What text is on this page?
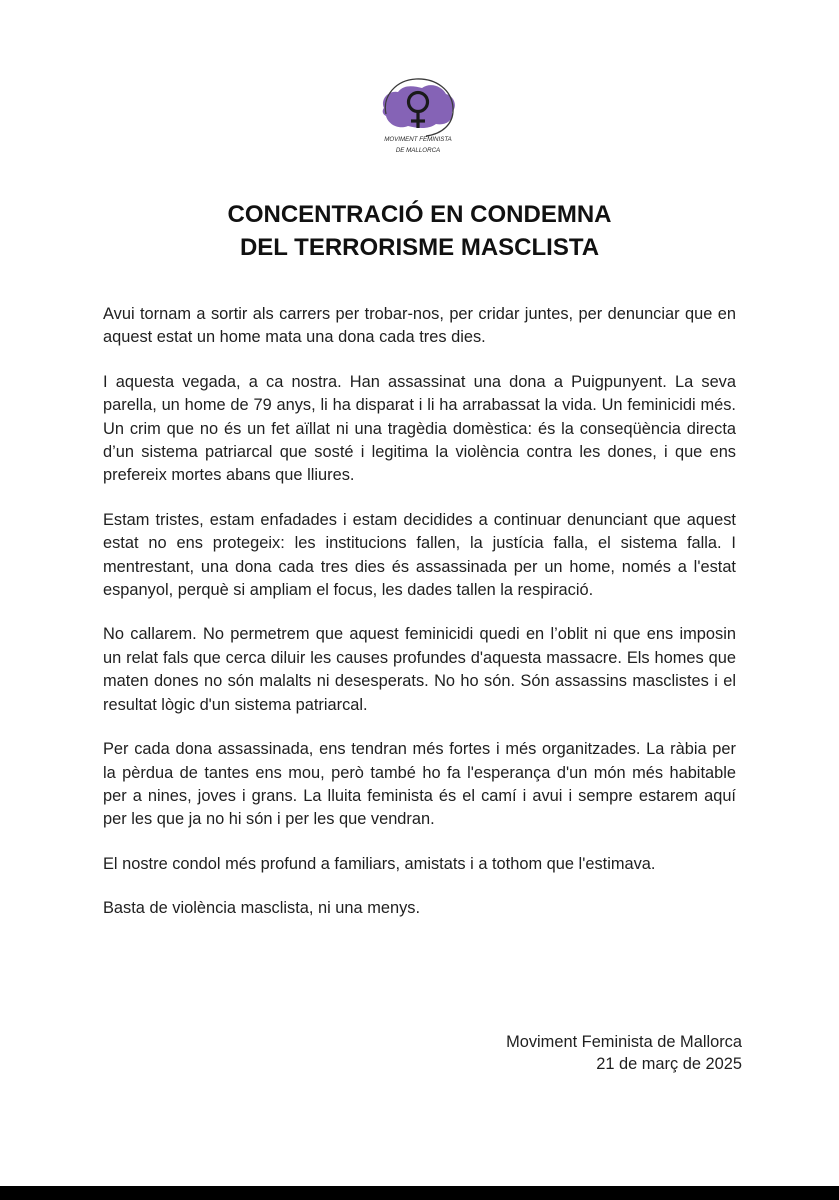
MOVIMENT FEMINISTA
DE MALLORCA
CONCENTRACIÓ EN CONDEMNA
DEL TERRORISME MASCLISTA

Avui tornam a sortir als carrers per trobar-nos, per cridar juntes, per denunciar que en aquest estat un home mata una dona cada tres dies.

I aquesta vegada, a ca nostra. Han assassinat una dona a Puigpunyent. La seva parella, un home de 79 anys, li ha disparat i li ha arrabassat la vida. Un feminicidi més. Un crim que no és un fet aïllat ni una tragèdia domèstica: és la conseqüència directa d’un sistema patriarcal que sosté i legitima la violència contra les dones, i que ens prefereix mortes abans que lliures.

Estam tristes, estam enfadades i estam decidides a continuar denunciant que aquest estat no ens protegeix: les institucions fallen, la justícia falla, el sistema falla. I mentrestant, una dona cada tres dies és assassinada per un home, només a l'estat espanyol, perquè si ampliam el focus, les dades tallen la respiració.

No callarem. No permetrem que aquest feminicidi quedi en l’oblit ni que ens imposin un relat fals que cerca diluir les causes profundes d'aquesta massacre. Els homes que maten dones no són malalts ni desesperats. No ho són. Són assassins masclistes i el resultat lògic d'un sistema patriarcal.

Per cada dona assassinada, ens tendran més fortes i més organitzades. La ràbia per la pèrdua de tantes ens mou, però també ho fa l'esperança d'un món més habitable per a nines, joves i grans. La lluita feminista és el camí i avui i sempre estarem aquí per les que ja no hi són i per les que vendran.

El nostre condol més profund a familiars, amistats i a tothom que l'estimava.

Basta de violència masclista, ni una menys.

Moviment Feminista de Mallorca
21 de març de 2025
